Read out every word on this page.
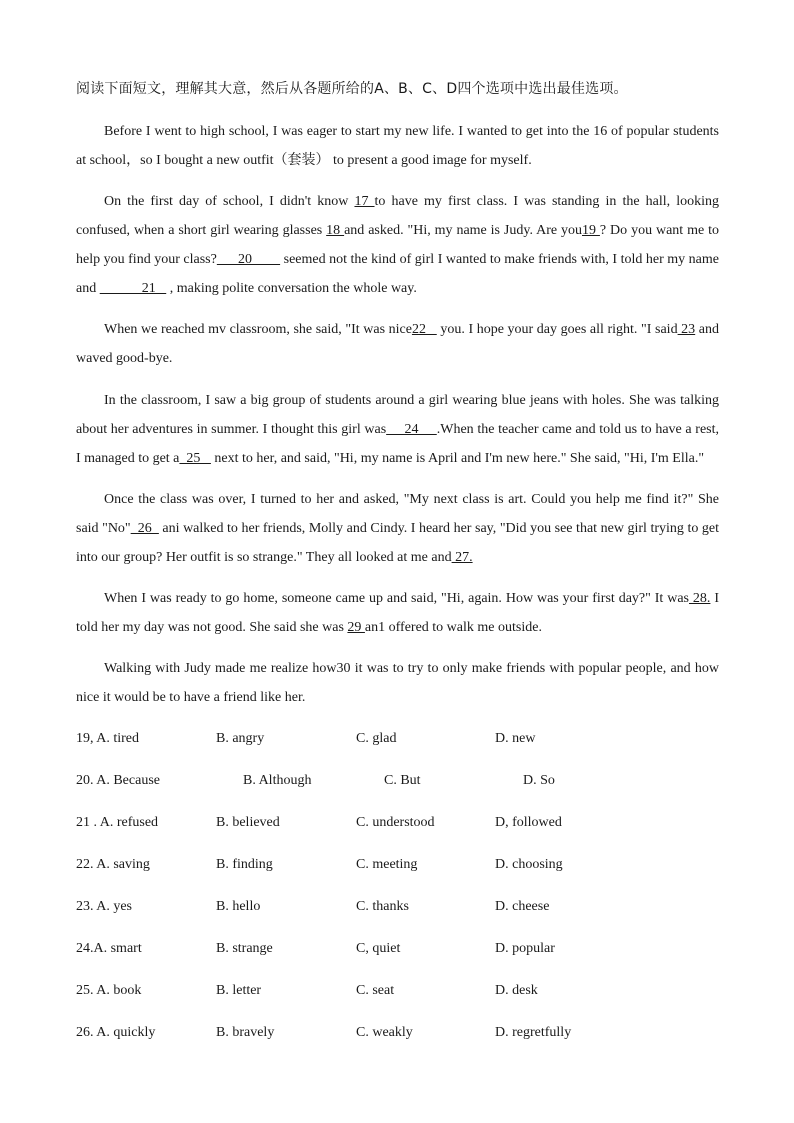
阅读下面短文，理解其大意，然后从各题所给的A、B、C、D四个选项中选出最佳选项。
Before I went to high school, I was eager to start my new life. I wanted to get into the 16 of popular students at school，so I bought a new outfit（套装） to present a good image for myself.
On the first day of school, I didn't know 17 to have my first class. I was standing in the hall, looking confused, when a short girl wearing glasses 18 and asked. "Hi, my name is Judy. Are you19 ? Do you want me to help you find your class?      20         seemed not the kind of girl I wanted to make friends with, I told her my name and             21    , making polite conversation the whole way.
When we reached mv classroom, she said, "It was nice22    you. I hope your day goes all right. "I said 23 and waved good-bye.
In the classroom, I saw a big group of students around a girl wearing blue jeans with holes. She was talking about her adventures in summer. I thought this girl was     24     .When the teacher came and told us to have a rest, I managed to get a  25    next to her, and said, "Hi, my name is April and I'm new here." She said, "Hi, I'm Ella."
Once the class was over, I turned to her and asked, "My next class is art. Could you help me find it?" She said "No"  26   ani walked to her friends, Molly and Cindy. I heard her say, "Did you see that new girl trying to get into our group? Her outfit is so strange." They all looked at me and 27.
When I was ready to go home, someone came up and said, "Hi, again. How was your first day?" It was 28. I told her my day was not good. She said she was 29 an1 offered to walk me outside.
Walking with Judy made me realize how30 it was to try to only make friends with popular people, and how nice it would be to have a friend like her.
19, A. tired	B. angry	C. glad	D. new
20. A. Because	B. Although	C. But	D. So
21 . A. refused	B. believed	C. understood	D, followed
22. A. saving	B. finding	C. meeting	D. choosing
23. A. yes	B. hello	C. thanks	D. cheese
24.A. smart	B. strange	C, quiet	D. popular
25. A. book	B. letter	C. seat	D. desk
26. A. quickly	B. bravely	C. weakly	D. regretfully
